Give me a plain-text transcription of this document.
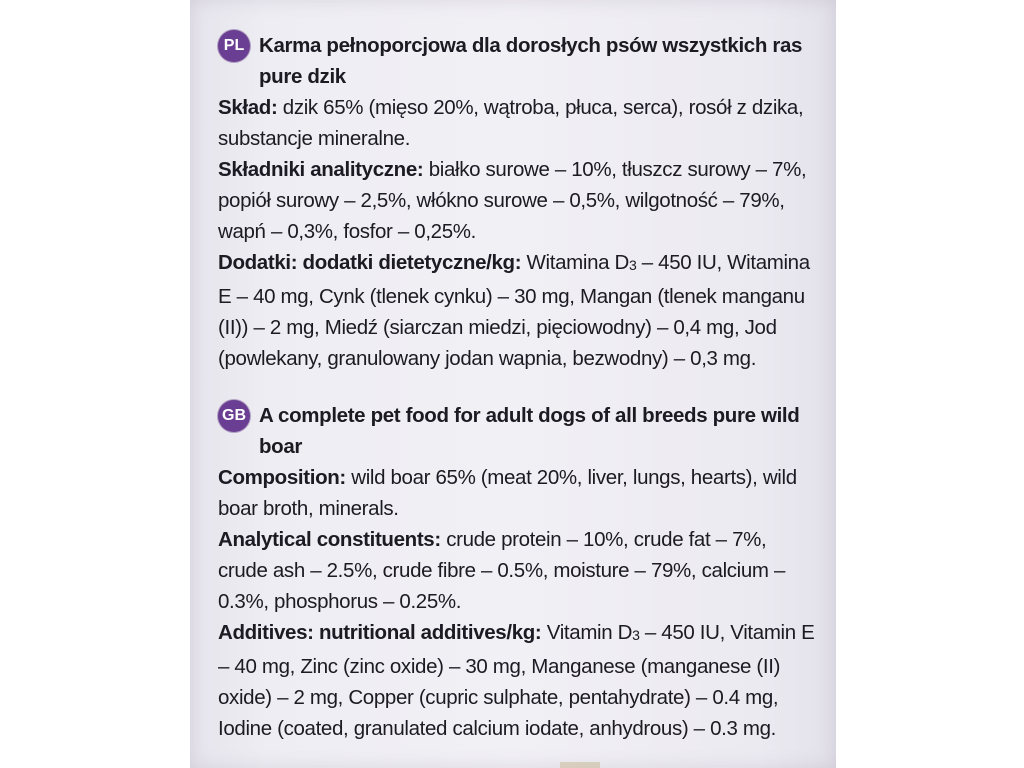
PL Karma pełnoporcjowa dla dorosłych psów wszystkich ras pure dzik

Skład: dzik 65% (mięso 20%, wątroba, płuca, serca), rosół z dzika, substancje mineralne.

Składniki analityczne: białko surowe – 10%, tłuszcz surowy – 7%, popiół surowy – 2,5%, włókno surowe – 0,5%, wilgotność – 79%, wapń – 0,3%, fosfor – 0,25%.

Dodatki: dodatki dietetyczne/kg: Witamina D3 – 450 IU, Witamina E – 40 mg, Cynk (tlenek cynku) – 30 mg, Mangan (tlenek manganu (II)) – 2 mg, Miedź (siarczan miedzi, pięciowodny) – 0,4 mg, Jod (powlekany, granulowany jodan wapnia, bezwodny) – 0,3 mg.

GB A complete pet food for adult dogs of all breeds pure wild boar

Composition: wild boar 65% (meat 20%, liver, lungs, hearts), wild boar broth, minerals.

Analytical constituents: crude protein – 10%, crude fat – 7%, crude ash – 2.5%, crude fibre – 0.5%, moisture – 79%, calcium – 0.3%, phosphorus – 0.25%.

Additives: nutritional additives/kg: Vitamin D3 – 450 IU, Vitamin E – 40 mg, Zinc (zinc oxide) – 30 mg, Manganese (manganese (II) oxide) – 2 mg, Copper (cupric sulphate, pentahydrate) – 0.4 mg, Iodine (coated, granulated calcium iodate, anhydrous) – 0.3 mg.
